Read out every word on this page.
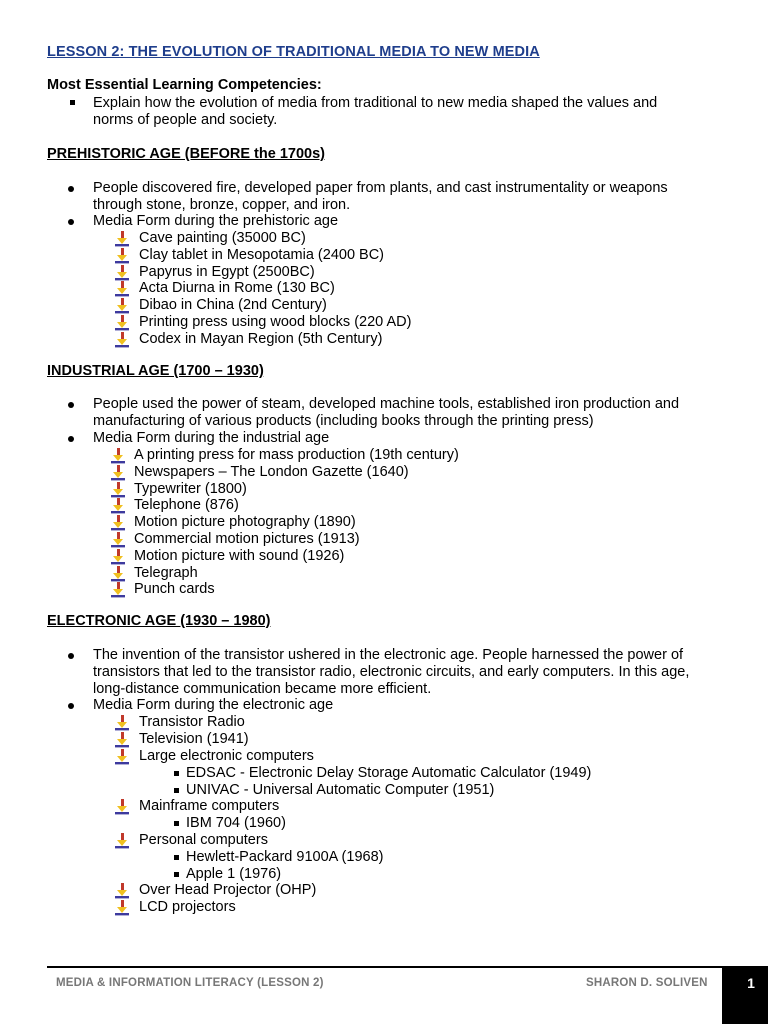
LESSON 2: THE EVOLUTION OF TRADITIONAL MEDIA TO NEW MEDIA
Most Essential Learning Competencies:
Explain how the evolution of media from traditional to new media shaped the values and
norms of people and society.
PREHISTORIC AGE (BEFORE the 1700s)
People discovered fire, developed paper from plants, and cast instrumentality or weapons
through stone, bronze, copper, and iron.
Media Form during the prehistoric age
Cave painting (35000 BC)
Clay tablet in Mesopotamia (2400 BC)
Papyrus in Egypt (2500BC)
Acta Diurna in Rome (130 BC)
Dibao in China (2nd Century)
Printing press using wood blocks (220 AD)
Codex in Mayan Region (5th Century)
INDUSTRIAL AGE (1700 – 1930)
People used the power of steam, developed machine tools, established iron production and
manufacturing of various products (including books through the printing press)
Media Form during the industrial age
A printing press for mass production (19th century)
Newspapers – The London Gazette (1640)
Typewriter (1800)
Telephone (876)
Motion picture photography (1890)
Commercial motion pictures (1913)
Motion picture with sound (1926)
Telegraph
Punch cards
ELECTRONIC AGE (1930 – 1980)
The invention of the transistor ushered in the electronic age. People harnessed the power of
transistors that led to the transistor radio, electronic circuits, and early computers. In this age,
long-distance communication became more efficient.
Media Form during the electronic age
Transistor Radio
Television (1941)
Large electronic computers
EDSAC - Electronic Delay Storage Automatic Calculator (1949)
UNIVAC - Universal Automatic Computer (1951)
Mainframe computers
IBM 704 (1960)
Personal computers
Hewlett-Packard 9100A (1968)
Apple 1 (1976)
Over Head Projector (OHP)
LCD projectors
MEDIA & INFORMATION LITERACY (LESSON 2)	SHARON D. SOLIVEN	1
